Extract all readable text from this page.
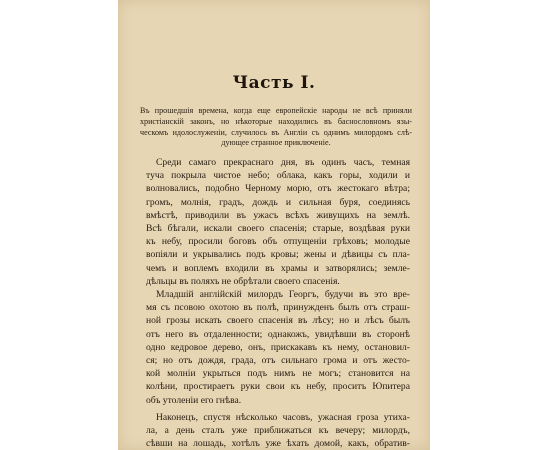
Часть I.
Въ прошедшія времена, когда еще европейскіе народы не всѣ приняли
христіанскій законъ, но нѣкоторые находились въ баснословномъ язы-
ческомъ идолослуженіи, случилось въ Англіи съ однимъ милордомъ слѣ-
дующее странное приключеніе.
Среди самаго прекраснаго дня, въ одинъ часъ, темная
туча покрыла чистое небо; облака, какъ горы, ходили и
волновались, подобно Черному морю, отъ жестокаго вѣтра;
громъ, молнія, градъ, дождь и сильная буря, соединясь
вмѣстѣ, приводили въ ужасъ всѣхъ живущихъ на землѣ.
Всѣ бѣгали, искали своего спасенія; старые, воздѣвая руки
къ небу, просили боговъ объ отпущеніи грѣховъ; молодые
вопіяли и укрывались подъ кровы; жены и дѣвицы съ пла-
чемъ и воплемъ входили въ храмы и затворялись; земле-
дѣльцы въ поляхъ не обрѣтали своего спасенія.
Младшій англійскій милордъ Георгъ, будучи въ это вре-
мя съ псовою охотою въ полѣ, принужденъ былъ отъ страш-
ной грозы искать своего спасенія въ лѣсу; но и лѣсъ былъ
отъ него въ отдаленности; однакожъ, увидѣвши въ сторонѣ
одно кедровое дерево, онъ, прискакавъ къ нему, остановил-
ся; но отъ дождя, града, отъ сильнаго грома и отъ жесто-
кой молніи укрыться подъ нимъ не могъ; становится на
колѣни, простираетъ руки свои къ небу, проситъ Юпитера
объ утоленіи его гнѣва.
Наконецъ, спустя нѣсколько часовъ, ужасная гроза утиха-
ла, а день сталъ уже приближаться къ вечеру; милордъ,
сѣвши на лошадь, хотѣлъ уже ѣхать домой, какъ, обратив-
